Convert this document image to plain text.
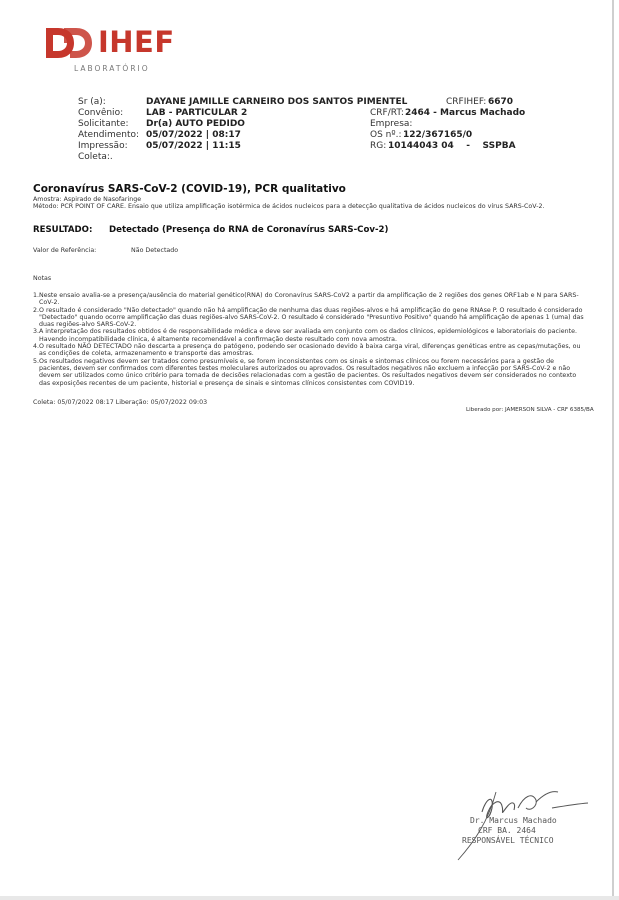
IHEF
LABORATÓRIO
Sr (a):	DAYANE JAMILLE CARNEIRO DOS SANTOS PIMENTEL	CRFIHEF: 6670
Convênio:	LAB - PARTICULAR 2	CRF/RT: 2464 - Marcus Machado
Solicitante: Dr(a) AUTO PEDIDO	Empresa:
Atendimento: 05/07/2022 | 08:17	OS nº.: 122/367165/0
Impressão: 05/07/2022 | 11:15	RG: 10144043 04    -    SSPBA
Coleta:.
Coronavírus SARS-CoV-2 (COVID-19), PCR qualitativo
Amostra: Aspirado de Nasofaringe
Método: PCR POINT OF CARE. Ensaio que utiliza amplificação isotérmica de ácidos nucleicos para a detecção qualitativa de ácidos nucleicos do vírus SARS-CoV-2.
RESULTADO: Detectado (Presença do RNA de Coronavírus SARS-Cov-2)
Valor de Referência:	Não Detectado
Notas
1. Neste ensaio avalia-se a presença/ausência do material genético(RNA) do Coronavírus SARS-CoV2 a partir da amplificação de 2 regiões dos genes ORF1ab e N para SARS-CoV-2.
2. O resultado é considerado "Não detectado" quando não há amplificação de nenhuma das duas regiões-alvos e há amplificação do gene RNAse P. O resultado é considerado "Detectado" quando ocorre amplificação das duas regiões-alvo SARS-CoV-2. O resultado é considerado "Presuntivo Positivo" quando há amplificação de apenas 1 (uma) das duas regiões-alvo SARS-CoV-2.
3. A interpretação dos resultados obtidos é de responsabilidade médica e deve ser avaliada em conjunto com os dados clínicos, epidemiológicos e laboratoriais do paciente. Havendo incompatibilidade clínica, é altamente recomendável a confirmação deste resultado com nova amostra.
4. O resultado NÃO DETECTADO não descarta a presença do patógeno, podendo ser ocasionado devido à baixa carga viral, diferenças genéticas entre as cepas/mutações, ou as condições de coleta, armazenamento e transporte das amostras.
5. Os resultados negativos devem ser tratados como presumíveis e, se forem inconsistentes com os sinais e sintomas clínicos ou forem necessários para a gestão de pacientes, devem ser confirmados com diferentes testes moleculares autorizados ou aprovados. Os resultados negativos não excluem a infecção por SARS-CoV-2 e não devem ser utilizados como único critério para tomada de decisões relacionadas com a gestão de pacientes. Os resultados negativos devem ser considerados no contexto das exposições recentes de um paciente, historial e presença de sinais e sintomas clínicos consistentes com COVID19.
Coleta: 05/07/2022 08:17 Liberação: 05/07/2022 09:03
Liberado por: JAMERSON SILVA - CRF 6385/BA
Dr. Marcus Machado
CRF BA. 2464
RESPONSÁVEL TÉCNICO
